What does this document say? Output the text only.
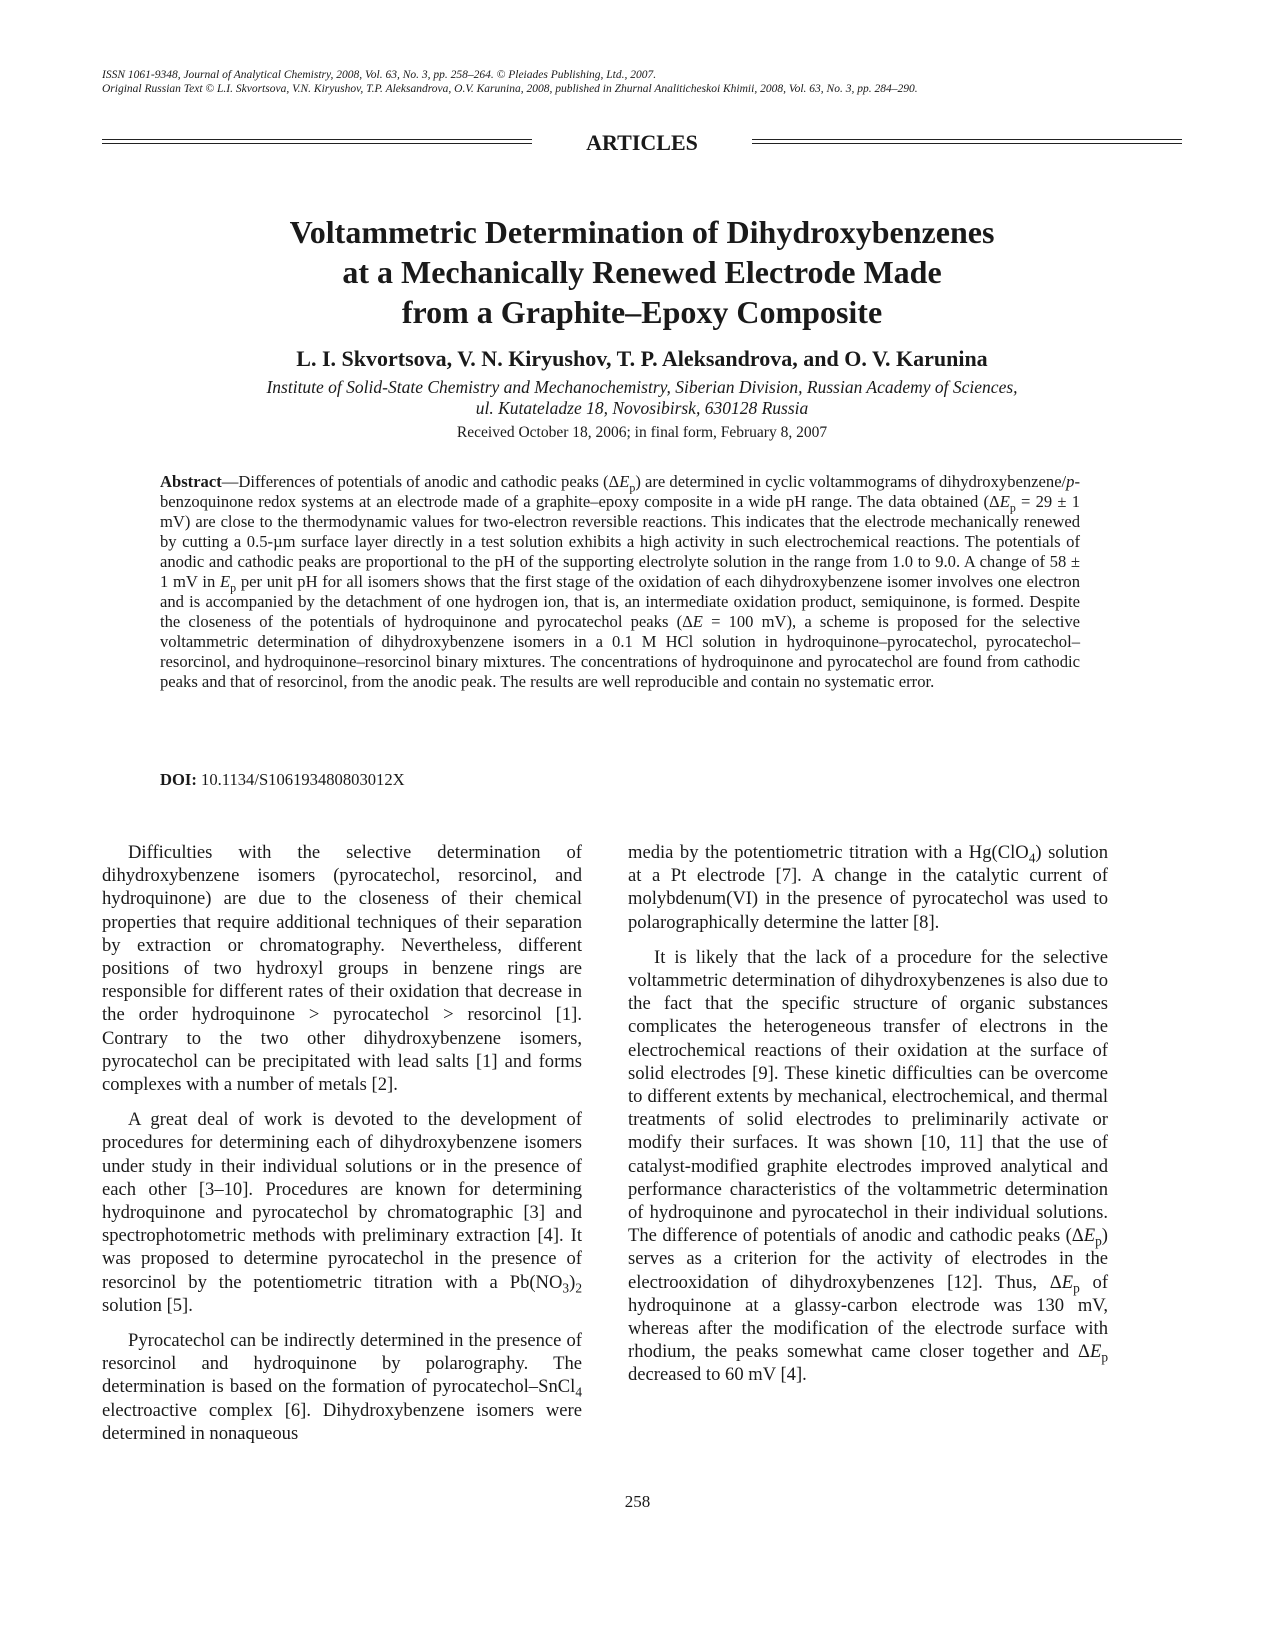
ISSN 1061-9348, Journal of Analytical Chemistry, 2008, Vol. 63, No. 3, pp. 258–264. © Pleiades Publishing, Ltd., 2007.
Original Russian Text © L.I. Skvortsova, V.N. Kiryushov, T.P. Aleksandrova, O.V. Karunina, 2008, published in Zhurnal Analiticheskoi Khimii, 2008, Vol. 63, No. 3, pp. 284–290.
ARTICLES
Voltammetric Determination of Dihydroxybenzenes
at a Mechanically Renewed Electrode Made
from a Graphite–Epoxy Composite
L. I. Skvortsova, V. N. Kiryushov, T. P. Aleksandrova, and O. V. Karunina
Institute of Solid-State Chemistry and Mechanochemistry, Siberian Division, Russian Academy of Sciences,
ul. Kutateladze 18, Novosibirsk, 630128 Russia
Received October 18, 2006; in final form, February 8, 2007
Abstract—Differences of potentials of anodic and cathodic peaks $(\Delta E_p)$ are determined in cyclic voltammograms of dihydroxybenzene/p-benzoquinone redox systems at an electrode made of a graphite–epoxy composite in a wide pH range. The data obtained ($\Delta E_p = 29 \pm 1$ mV) are close to the thermodynamic values for two-electron reversible reactions. This indicates that the electrode mechanically renewed by cutting a 0.5-µm surface layer directly in a test solution exhibits a high activity in such electrochemical reactions. The potentials of anodic and cathodic peaks are proportional to the pH of the supporting electrolyte solution in the range from 1.0 to 9.0. A change of 58 ± 1 mV in $E_p$ per unit pH for all isomers shows that the first stage of the oxidation of each dihydroxybenzene isomer involves one electron and is accompanied by the detachment of one hydrogen ion, that is, an intermediate oxidation product, semiquinone, is formed. Despite the closeness of the potentials of hydroquinone and pyrocatechol peaks (ΔE = 100 mV), a scheme is proposed for the selective voltammetric determination of dihydroxybenzene isomers in a 0.1 M HCl solution in hydroquinone–pyrocatechol, pyrocatechol–resorcinol, and hydroquinone–resorcinol binary mixtures. The concentrations of hydroquinone and pyrocatechol are found from cathodic peaks and that of resorcinol, from the anodic peak. The results are well reproducible and contain no systematic error.
DOI: 10.1134/S106193480803012X

Difficulties with the selective determination of dihydroxybenzene isomers (pyrocatechol, resorcinol, and hydroquinone) are due to the closeness of their chemical properties that require additional techniques of their separation by extraction or chromatography. Nevertheless, different positions of two hydroxyl groups in benzene rings are responsible for different rates of their oxidation that decrease in the order hydroquinone > pyrocatechol > resorcinol [1]. Contrary to the two other dihydroxybenzene isomers, pyrocatechol can be precipitated with lead salts [1] and forms complexes with a number of metals [2].

A great deal of work is devoted to the development of procedures for determining each of dihydroxybenzene isomers under study in their individual solutions or in the presence of each other [3–10]. Procedures are known for determining hydroquinone and pyrocatechol by chromatographic [3] and spectrophotometric methods with preliminary extraction [4]. It was proposed to determine pyrocatechol in the presence of resorcinol by the potentiometric titration with a $Pb(NO_3)_2$ solution [5].

Pyrocatechol can be indirectly determined in the presence of resorcinol and hydroquinone by polarography. The determination is based on the formation of pyrocatechol–SnCl$_4$ electroactive complex [6]. Dihydroxybenzene isomers were determined in nonaqueous

media by the potentiometric titration with a Hg(ClO$_4$) solution at a Pt electrode [7]. A change in the catalytic current of molybdenum(VI) in the presence of pyrocatechol was used to polarographically determine the latter [8].

It is likely that the lack of a procedure for the selective voltammetric determination of dihydroxybenzenes is also due to the fact that the specific structure of organic substances complicates the heterogeneous transfer of electrons in the electrochemical reactions of their oxidation at the surface of solid electrodes [9]. These kinetic difficulties can be overcome to different extents by mechanical, electrochemical, and thermal treatments of solid electrodes to preliminarily activate or modify their surfaces. It was shown [10, 11] that the use of catalyst-modified graphite electrodes improved analytical and performance characteristics of the voltammetric determination of hydroquinone and pyrocatechol in their individual solutions. The difference of potentials of anodic and cathodic peaks $(\Delta E_p)$ serves as a criterion for the activity of electrodes in the electrooxidation of dihydroxybenzenes [12]. Thus, $\Delta E_p$ of hydroquinone at a glassy-carbon electrode was 130 mV, whereas after the modification of the electrode surface with rhodium, the peaks somewhat came closer together and $\Delta E_p$ decreased to 60 mV [4].

258
